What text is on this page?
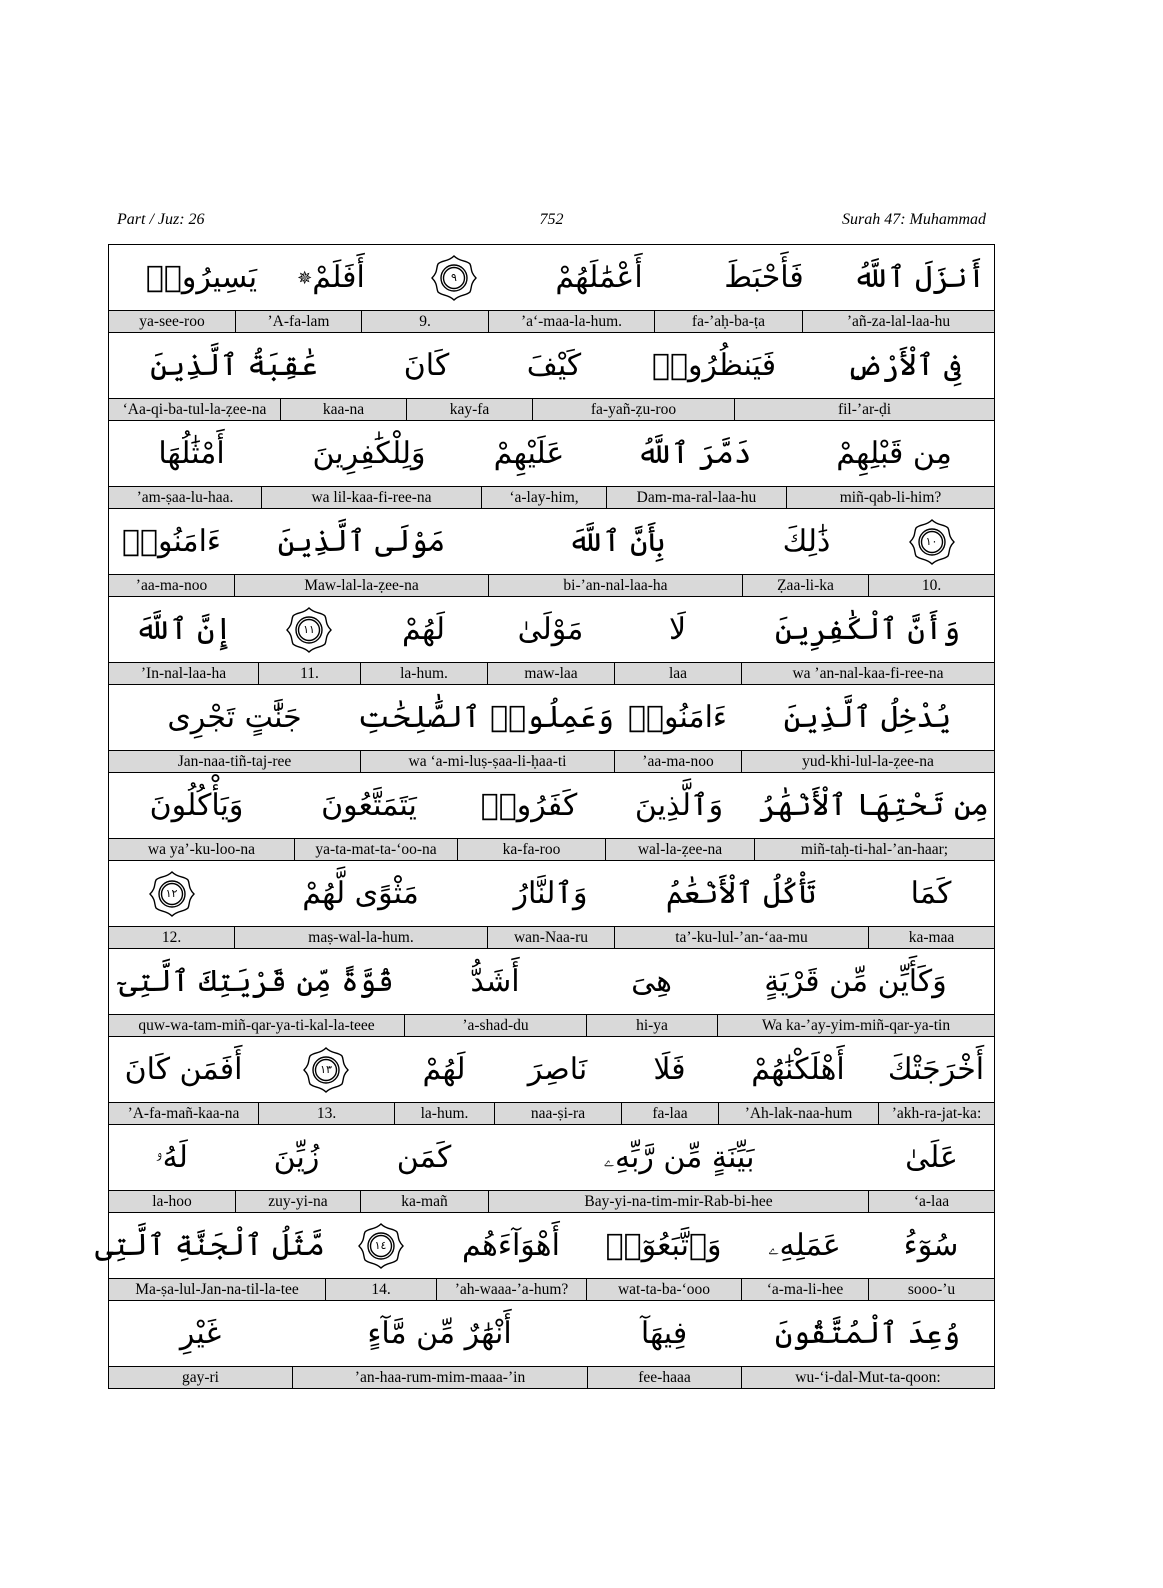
Part / Juz: 26	752	Surah 47: Muhammad
أَنزَلَ ٱللَّهُ
فَأَحْبَطَ
أَعْمَٰلَهُمْ
٩
أَفَلَمْ✵
يَسِيرُوا۟
ʼañ-za-lal-laa-hu
fa-ʼaḥ-ba-ṭa
ʼaʻ-maa-la-hum.
9.
ʼA-fa-lam
ya-see-roo
فِى ٱلْأَرْضِ
فَيَنظُرُوا۟
كَيْفَ
كَانَ
عَٰقِبَةُ ٱلَّذِينَ
fil-ʼar-ḍi
fa-yañ-ẓu-roo
kay-fa
kaa-na
ʻAa-qi-ba-tul-la-ẓee-na
مِن قَبْلِهِمْ
دَمَّرَ ٱللَّهُ
عَلَيْهِمْ
وَلِلْكَٰفِرِينَ
أَمْثَٰلُهَا
miñ-qab-li-him?
Dam-ma-ral-laa-hu
ʻa-lay-him,
wa lil-kaa-fi-ree-na
ʼam-ṣaa-lu-haa.
١٠
ذَٰلِكَ
بِأَنَّ ٱللَّهَ
مَوْلَى ٱلَّذِينَ
ءَامَنُوا۟
10.
Ẓaa-li-ka
bi-ʼan-nal-laa-ha
Maw-lal-la-ẓee-na
ʼaa-ma-noo
وَأَنَّ ٱلْكَٰفِرِينَ
لَا
مَوْلَىٰ
لَهُمْ
١١
إِنَّ ٱللَّهَ
wa ʼan-nal-kaa-fi-ree-na
laa
maw-laa
la-hum.
11.
ʼIn-nal-laa-ha
يُدْخِلُ ٱلَّذِينَ
ءَامَنُوا۟
وَعَمِلُوا۟ ٱلصَّٰلِحَٰتِ
جَنَّٰتٍ تَجْرِى
yud-khi-lul-la-ẓee-na
ʼaa-ma-noo
wa ʻa-mi-luṣ-ṣaa-li-ḥaa-ti
Jan-naa-tiñ-taj-ree
مِن تَحْتِهَا ٱلْأَنْهَٰرُ
وَٱلَّذِينَ
كَفَرُوا۟
يَتَمَتَّعُونَ
وَيَأْكُلُونَ
miñ-taḥ-ti-hal-ʼan-haar;
wal-la-ẓee-na
ka-fa-roo
ya-ta-mat-ta-ʻoo-na
wa yaʼ-ku-loo-na
كَمَا
تَأْكُلُ ٱلْأَنْعَٰمُ
وَٱلنَّارُ
مَثْوًى لَّهُمْ
١٢
ka-maa
taʼ-ku-lul-ʼan-ʻaa-mu
wan-Naa-ru
maṣ-wal-la-hum.
12.
وَكَأَيِّن مِّن قَرْيَةٍ
هِىَ
أَشَدُّ
قُوَّةً مِّن قَرْيَتِكَ ٱلَّتِىٓ
Wa ka-ʼay-yim-miñ-qar-ya-tin
hi-ya
ʼa-shad-du
quw-wa-tam-miñ-qar-ya-ti-kal-la-teee
أَخْرَجَتْكَ
أَهْلَكْنَٰهُمْ
فَلَا
نَاصِرَ
لَهُمْ
١٣
أَفَمَن كَانَ
ʼakh-ra-jat-ka:
ʼAh-lak-naa-hum
fa-laa
naa-ṣi-ra
la-hum.
13.
ʼA-fa-mañ-kaa-na
عَلَىٰ
بَيِّنَةٍ مِّن رَّبِّهِۦ
كَمَن
زُيِّنَ
لَهُۥ
ʻa-laa
Bay-yi-na-tim-mir-Rab-bi-hee
ka-mañ
zuy-yi-na
la-hoo
سُوٓءُ
عَمَلِهِۦ
وَٱتَّبَعُوٓا۟
أَهْوَآءَهُم
١٤
مَّثَلُ ٱلْجَنَّةِ ٱلَّتِى
sooo-ʼu
ʻa-ma-li-hee
wat-ta-ba-ʻooo
ʼah-waaa-ʼa-hum?
14.
Ma-ṣa-lul-Jan-na-til-la-tee
وُعِدَ ٱلْمُتَّقُونَ
فِيهَآ
أَنْهَٰرٌ مِّن مَّآءٍ
غَيْرِ
wu-ʻi-dal-Mut-ta-qoon:
fee-haaa
ʼan-haa-rum-mim-maaa-ʼin
gay-ri
